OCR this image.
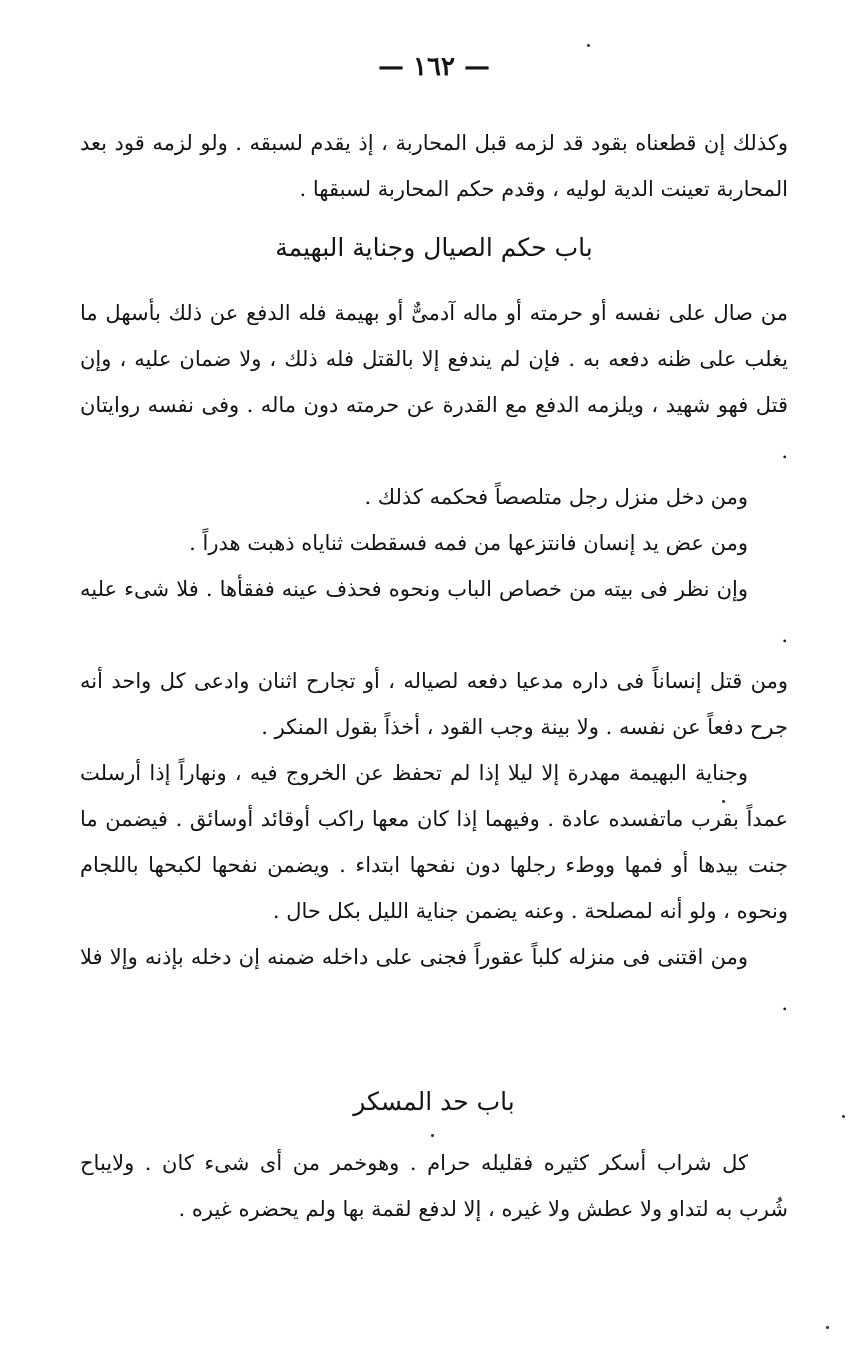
— ١٦٢ —

وكذلك إن قطعناه بقود قد لزمه قبل المحاربة ، إذ يقدم لسبقه . ولو لزمه قود بعد المحاربة تعينت الدية لوليه ، وقدم حكم المحاربة لسبقها .

باب حكم الصيال وجناية البهيمة

من صال على نفسه أو حرمته أو ماله آدمىٌّ أو بهيمة فله الدفع عن ذلك بأسهل ما يغلب على ظنه دفعه به . فإن لم يندفع إلا بالقتل فله ذلك ، ولا ضمان عليه ، وإن قتل فهو شهيد ، ويلزمه الدفع مع القدرة عن حرمته دون ماله . وفى نفسه روايتان .

ومن دخل منزل رجل متلصصاً فحكمه كذلك .

ومن عض يد إنسان فانتزعها من فمه فسقطت ثناياه ذهبت هدراً .

وإن نظر فى بيته من خصاص الباب ونحوه فحذف عينه ففقأها . فلا شىء عليه .

ومن قتل إنساناً فى داره مدعيا دفعه لصياله ، أو تجارح اثنان وادعى كل واحد أنه جرح دفعاً عن نفسه . ولا بينة وجب القود ، أخذاً بقول المنكر .

وجناية البهيمة مهدرة إلا ليلا إذا لم تحفظ عن الخروج فيه ، ونهاراً إذا أرسلت عمداً بقرب ماتفسده عادة . وفيهما إذا كان معها راكب أوقائد أوسائق . فيضمن ما جنت بيدها أو فمها ووطء رجلها دون نفحها ابتداء . ويضمن نفحها لكبحها باللجام ونحوه ، ولو أنه لمصلحة . وعنه يضمن جناية الليل بكل حال .

ومن اقتنى فى منزله كلباً عقوراً فجنى على داخله ضمنه إن دخله بإذنه وإلا فلا .

باب حد المسكر

كل شراب أسكر كثيره فقليله حرام . وهوخمر من أى شىء كان . ولايباح شُرب به لتداو ولا عطش ولا غيره ، إلا لدفع لقمة بها ولم يحضره غيره .
